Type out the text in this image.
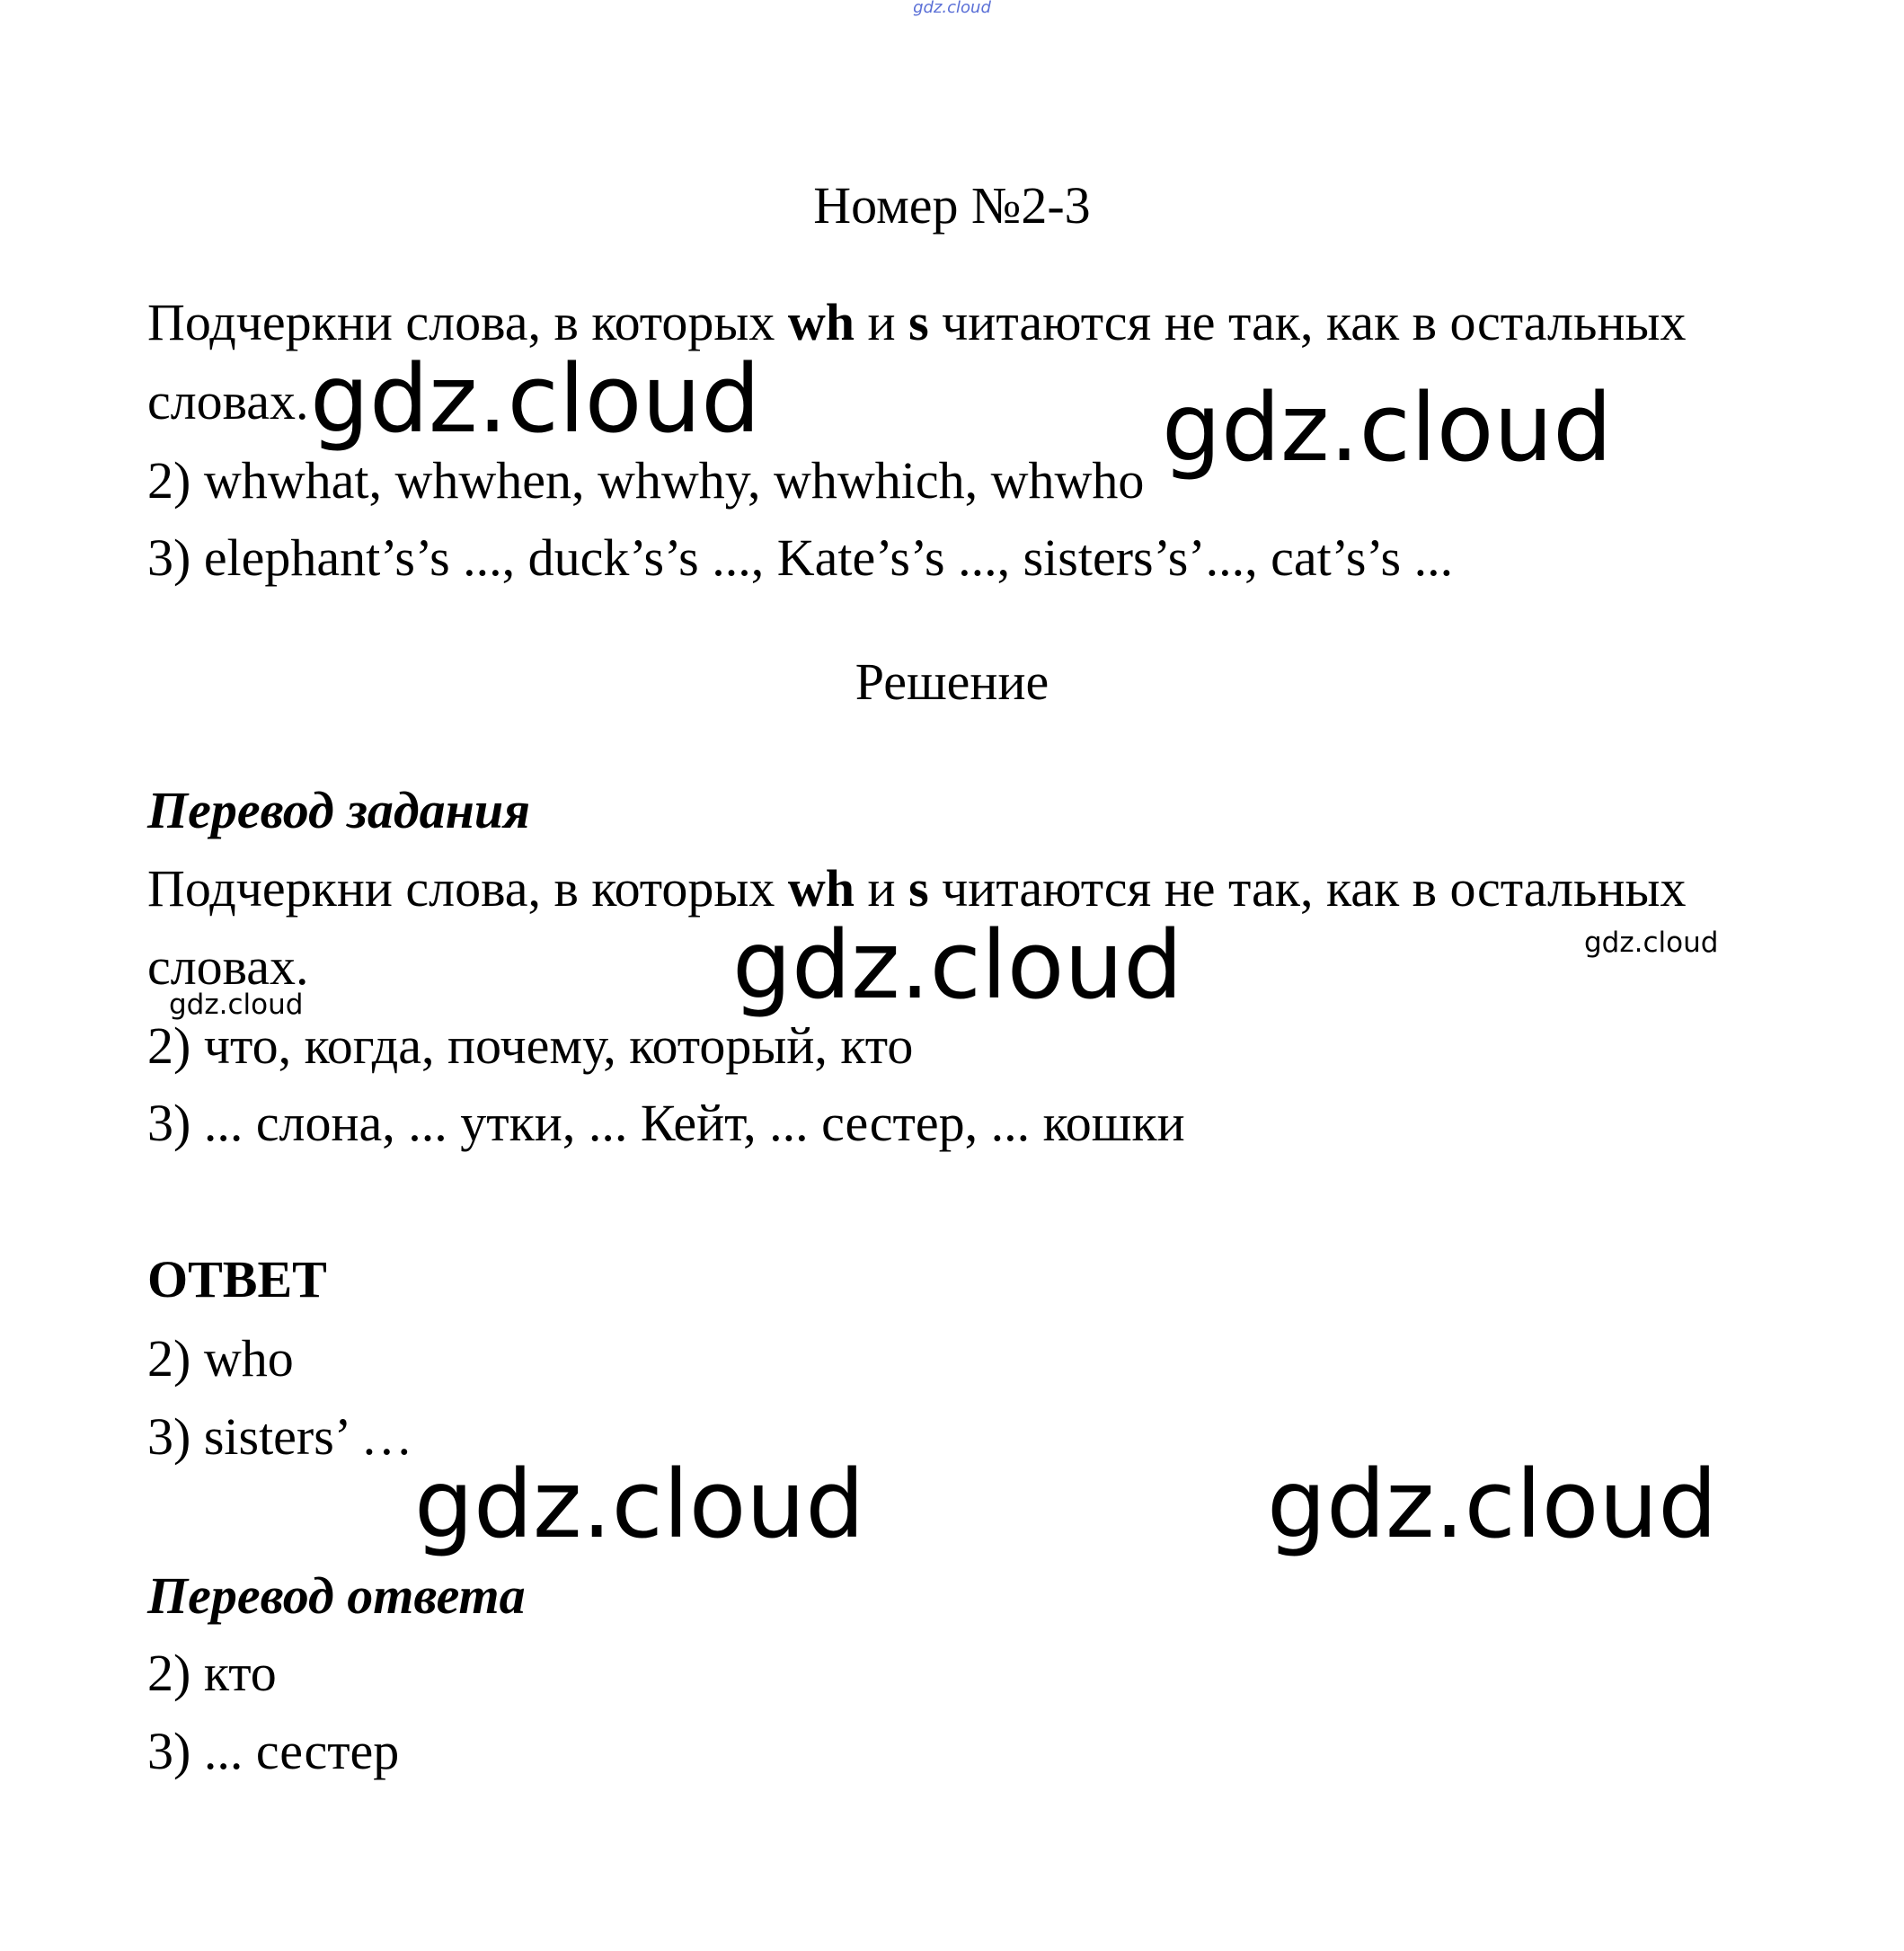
gdz.cloud
Номер №2-3
Подчеркни слова, в которых wh и s читаются не так, как в остальных
словах.
2) whwhat, whwhen, whwhy, whwhich, whwho
3) elephant’s’s ..., duck’s’s ..., Kate’s’s ..., sisters’s’..., cat’s’s ...
Решение
Перевод задания
Подчеркни слова, в которых wh и s читаются не так, как в остальных
словах.
2) что, когда, почему, который, кто
3) ... слона, ... утки, ... Кейт, ... сестер, ... кошки
ОТВЕТ
2) who
3) sisters’ …
Перевод ответа
2) кто
3) ... сестер
gdz.cloud	gdz.cloud
gdz.cloud
gdz.cloud	gdz.cloud
gdz.cloud
gdz.cloud
